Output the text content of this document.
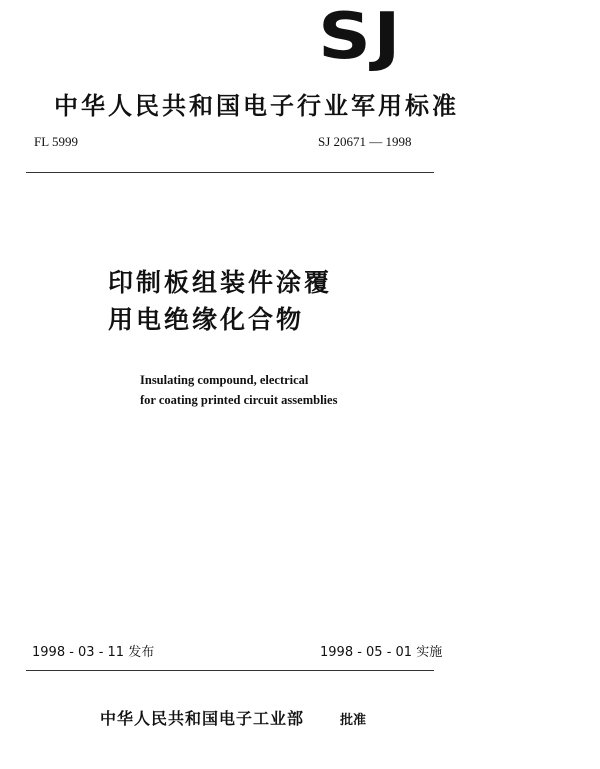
SJ
中华人民共和国电子行业军用标准
FL 5999	SJ 20671 — 1998
印制板组装件涂覆
用电绝缘化合物
Insulating compound, electrical
for coating printed circuit assemblies
1998 - 03 - 11 发布	1998 - 05 - 01 实施
中华人民共和国电子工业部	批准
